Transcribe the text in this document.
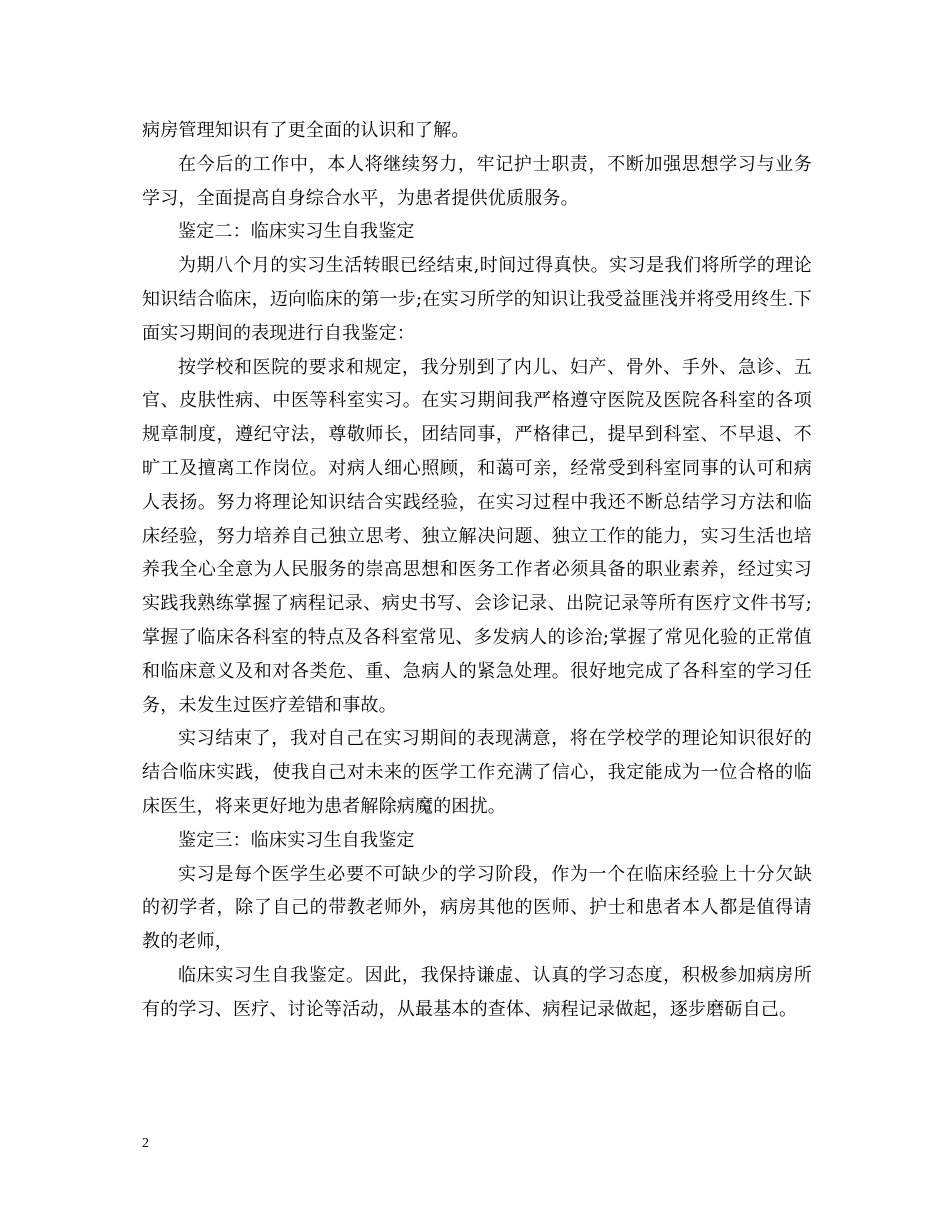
病房管理知识有了更全面的认识和了解。

在今后的工作中，本人将继续努力，牢记护士职责，不断加强思想学习与业务学习，全面提高自身综合水平，为患者提供优质服务。

鉴定二：临床实习生自我鉴定

为期八个月的实习生活转眼已经结束,时间过得真快。实习是我们将所学的理论知识结合临床，迈向临床的第一步;在实习所学的知识让我受益匪浅并将受用终生.下面实习期间的表现进行自我鉴定：

按学校和医院的要求和规定，我分别到了内儿、妇产、骨外、手外、急诊、五官、皮肤性病、中医等科室实习。在实习期间我严格遵守医院及医院各科室的各项规章制度，遵纪守法，尊敬师长，团结同事，严格律己，提早到科室、不早退、不旷工及擅离工作岗位。对病人细心照顾，和蔼可亲，经常受到科室同事的认可和病人表扬。努力将理论知识结合实践经验，在实习过程中我还不断总结学习方法和临床经验，努力培养自己独立思考、独立解决问题、独立工作的能力，实习生活也培养我全心全意为人民服务的崇高思想和医务工作者必须具备的职业素养，经过实习实践我熟练掌握了病程记录、病史书写、会诊记录、出院记录等所有医疗文件书写;掌握了临床各科室的特点及各科室常见、多发病人的诊治;掌握了常见化验的正常值和临床意义及和对各类危、重、急病人的紧急处理。很好地完成了各科室的学习任务，未发生过医疗差错和事故。

实习结束了，我对自己在实习期间的表现满意，将在学校学的理论知识很好的结合临床实践，使我自己对未来的医学工作充满了信心，我定能成为一位合格的临床医生，将来更好地为患者解除病魔的困扰。

鉴定三：临床实习生自我鉴定

实习是每个医学生必要不可缺少的学习阶段，作为一个在临床经验上十分欠缺的初学者，除了自己的带教老师外，病房其他的医师、护士和患者本人都是值得请教的老师，

临床实习生自我鉴定。因此，我保持谦虚、认真的学习态度，积极参加病房所有的学习、医疗、讨论等活动，从最基本的查体、病程记录做起，逐步磨砺自己。

2
